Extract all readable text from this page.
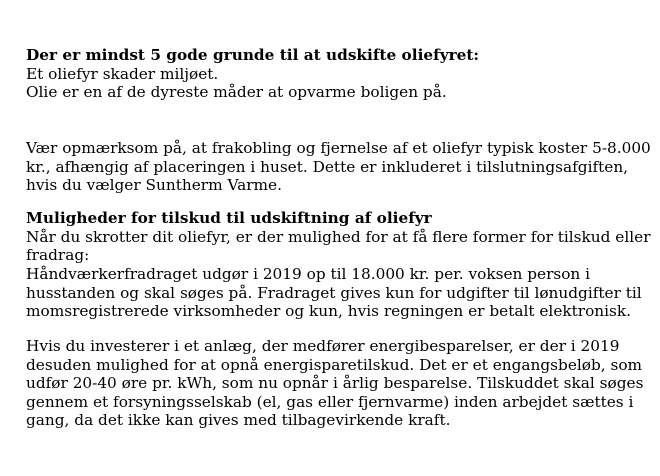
Der er mindst 5 gode grunde til at udskifte oliefyret:

Et oliefyr skader miljøet.

Olie er en af de dyreste måder at opvarme boligen på.

Vær opmærksom på, at frakobling og fjernelse af et oliefyr typisk koster 5-8.000 kr., afhængig af placeringen i huset. Dette er inkluderet i tilslutningsafgiften, hvis du vælger Suntherm Varme.

Muligheder for tilskud til udskiftning af oliefyr

Når du skrotter dit oliefyr, er der mulighed for at få flere former for tilskud eller fradrag:

Håndværkerfradraget udgør i 2019 op til 18.000 kr. per. voksen person i husstanden og skal søges på. Fradraget gives kun for udgifter til lønudgifter til momsregistrerede virksomheder og kun, hvis regningen er betalt elektronisk.

Hvis du investerer i et anlæg, der medfører energibesparelser, er der i 2019 desuden mulighed for at opnå energisparetilskud. Det er et engangsbeløb, som udfør 20-40 øre pr. kWh, som nu opnår i årlig besparelse. Tilskuddet skal søges gennem et forsyningsselskab (el, gas eller fjernvarme) inden arbejdet sættes i gang, da det ikke kan gives med tilbagevirkende kraft.
